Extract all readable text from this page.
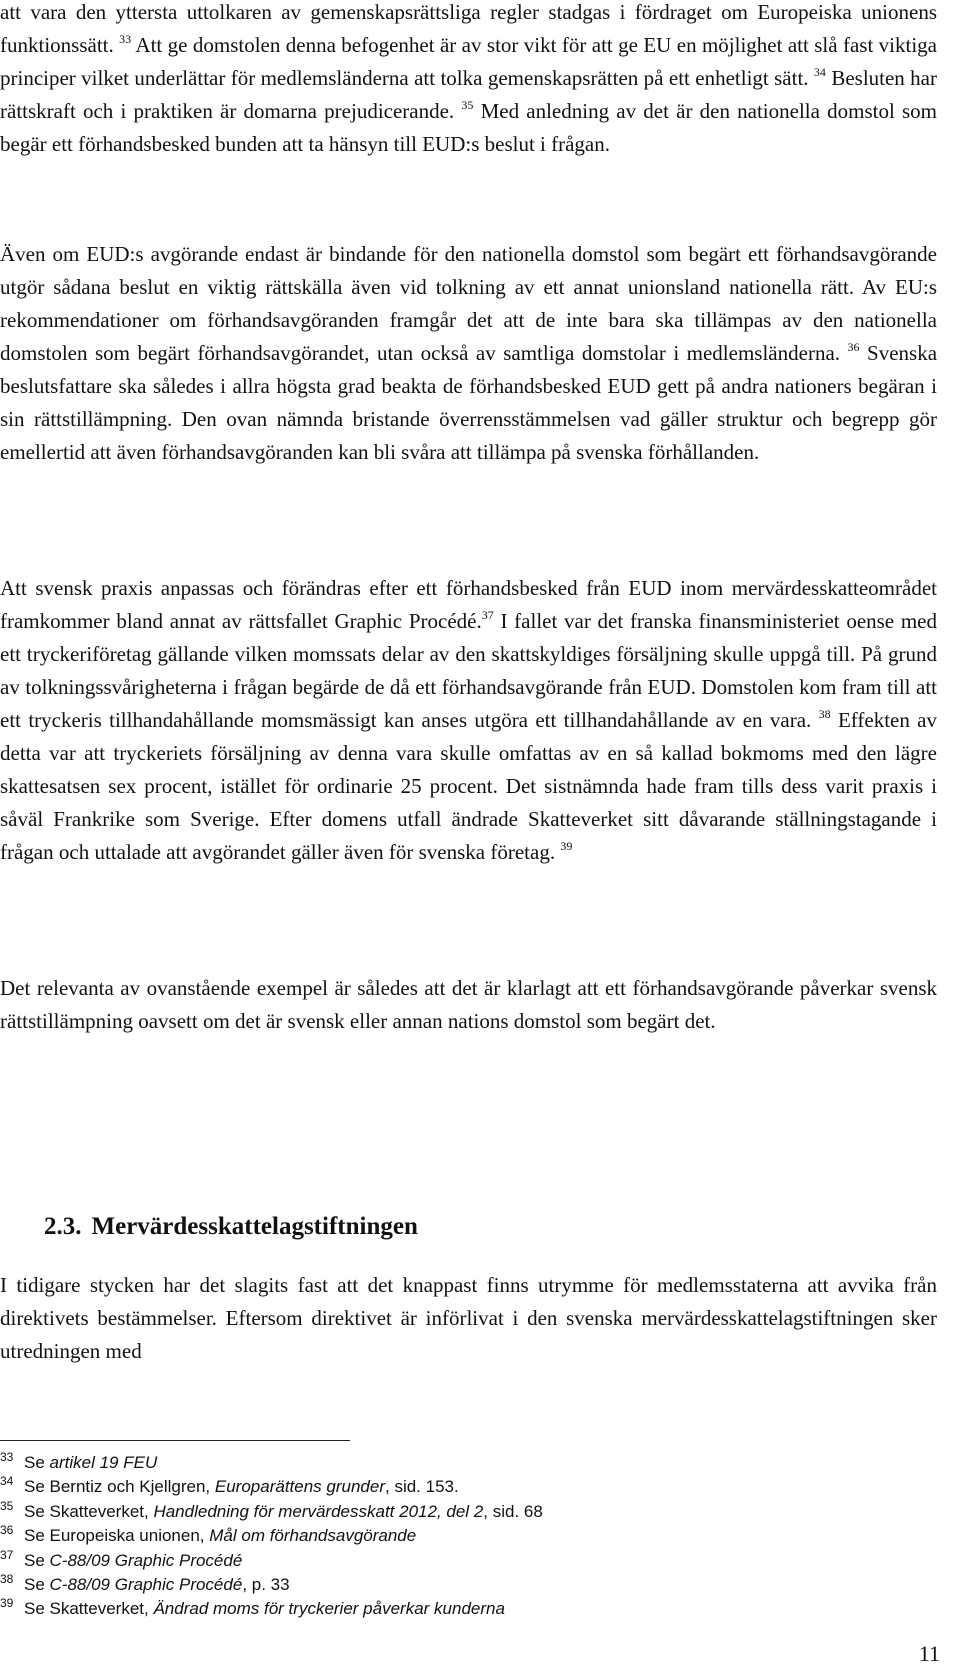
att vara den yttersta uttolkaren av gemenskapsrättsliga regler stadgas i fördraget om Europeiska unionens funktionssätt. $^{33}$ Att ge domstolen denna befogenhet är av stor vikt för att ge EU en möjlighet att slå fast viktiga principer vilket underlättar för medlemsländerna att tolka gemenskapsrätten på ett enhetligt sätt. $^{34}$ Besluten har rättskraft och i praktiken är domarna prejudicerande. $^{35}$ Med anledning av det är den nationella domstol som begär ett förhandsbesked bunden att ta hänsyn till EUD:s beslut i frågan.

Även om EUD:s avgörande endast är bindande för den nationella domstol som begärt ett förhandsavgörande utgör sådana beslut en viktig rättskälla även vid tolkning av ett annat unionsland nationella rätt. Av EU:s rekommendationer om förhandsavgöranden framgår det att de inte bara ska tillämpas av den nationella domstolen som begärt förhandsavgörandet, utan också av samtliga domstolar i medlemsländerna. $^{36}$ Svenska beslutsfattare ska således i allra högsta grad beakta de förhandsbesked EUD gett på andra nationers begäran i sin rättstillämpning. Den ovan nämnda bristande överrensstämmelsen vad gäller struktur och begrepp gör emellertid att även förhandsavgöranden kan bli svåra att tillämpa på svenska förhållanden.

Att svensk praxis anpassas och förändras efter ett förhandsbesked från EUD inom mervärdesskatteområdet framkommer bland annat av rättsfallet Graphic Procédé.$^{37}$ I fallet var det franska finansministeriet oense med ett tryckeriföretag gällande vilken momssats delar av den skattskyldiges försäljning skulle uppgå till. På grund av tolkningssvårigheterna i frågan begärde de då ett förhandsavgörande från EUD. Domstolen kom fram till att ett tryckeris tillhandahållande momsmässigt kan anses utgöra ett tillhandahållande av en vara. $^{38}$ Effekten av detta var att tryckeriets försäljning av denna vara skulle omfattas av en så kallad bokmoms med den lägre skattesatsen sex procent, istället för ordinarie 25 procent. Det sistnämnda hade fram tills dess varit praxis i såväl Frankrike som Sverige. Efter domens utfall ändrade Skatteverket sitt dåvarande ställningstagande i frågan och uttalade att avgörandet gäller även för svenska företag. $^{39}$

Det relevanta av ovanstående exempel är således att det är klarlagt att ett förhandsavgörande påverkar svensk rättstillämpning oavsett om det är svensk eller annan nations domstol som begärt det.

2.3. Mervärdesskattelagstiftningen

I tidigare stycken har det slagits fast att det knappast finns utrymme för medlemsstaterna att avvika från direktivets bestämmelser. Eftersom direktivet är införlivat i den svenska mervärdesskattelagstiftningen sker utredningen med

33 Se artikel 19 FEU
34 Se Berntiz och Kjellgren, Europarättens grunder, sid. 153.
35 Se Skatteverket, Handledning för mervärdesskatt 2012, del 2, sid. 68
36 Se Europeiska unionen, Mål om förhandsavgörande
37 Se C-88/09 Graphic Procédé
38 Se C-88/09 Graphic Procédé, p. 33
39 Se Skatteverket, Ändrad moms för tryckerier påverkar kunderna
11
